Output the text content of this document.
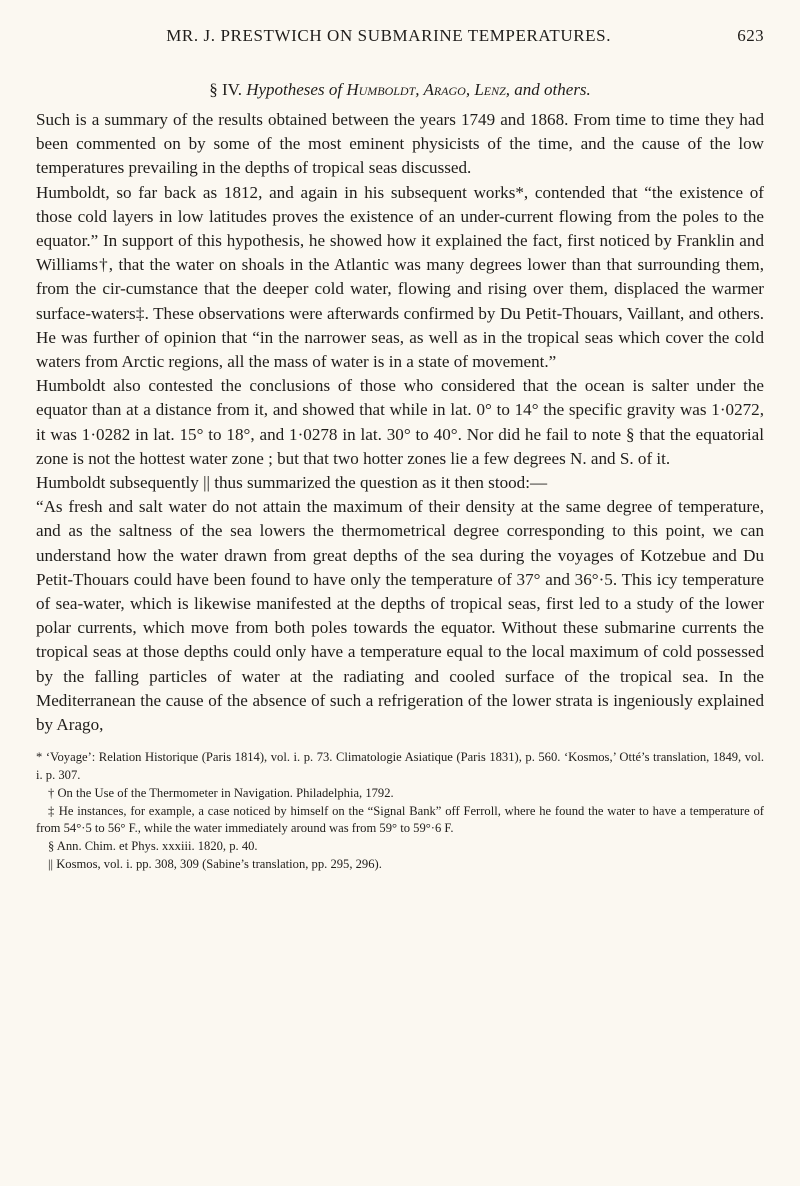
MR. J. PRESTWICH ON SUBMARINE TEMPERATURES.	623
§ IV. Hypotheses of Humboldt, Arago, Lenz, and others.

Such is a summary of the results obtained between the years 1749 and 1868. From time to time they had been commented on by some of the most eminent physicists of the time, and the cause of the low temperatures prevailing in the depths of tropical seas discussed.

Humboldt, so far back as 1812, and again in his subsequent works*, contended that “the existence of those cold layers in low latitudes proves the existence of an under-current flowing from the poles to the equator.” In support of this hypothesis, he showed how it explained the fact, first noticed by Franklin and Williams†, that the water on shoals in the Atlantic was many degrees lower than that surrounding them, from the cir-cumstance that the deeper cold water, flowing and rising over them, displaced the warmer surface-waters‡. These observations were afterwards confirmed by Du Petit-Thouars, Vaillant, and others. He was further of opinion that “in the narrower seas, as well as in the tropical seas which cover the cold waters from Arctic regions, all the mass of water is in a state of movement.”

Humboldt also contested the conclusions of those who considered that the ocean is salter under the equator than at a distance from it, and showed that while in lat. 0° to 14° the specific gravity was 1·0272, it was 1·0282 in lat. 15° to 18°, and 1·0278 in lat. 30° to 40°. Nor did he fail to note § that the equatorial zone is not the hottest water zone ; but that two hotter zones lie a few degrees N. and S. of it.

Humboldt subsequently || thus summarized the question as it then stood:—

“As fresh and salt water do not attain the maximum of their density at the same degree of temperature, and as the saltness of the sea lowers the thermometrical degree corresponding to this point, we can understand how the water drawn from great depths of the sea during the voyages of Kotzebue and Du Petit-Thouars could have been found to have only the temperature of 37° and 36°·5. This icy temperature of sea-water, which is likewise manifested at the depths of tropical seas, first led to a study of the lower polar currents, which move from both poles towards the equator. Without these submarine currents the tropical seas at those depths could only have a temperature equal to the local maximum of cold possessed by the falling particles of water at the radiating and cooled surface of the tropical sea. In the Mediterranean the cause of the absence of such a refrigeration of the lower strata is ingeniously explained by Arago,

* ‘Voyage’: Relation Historique (Paris 1814), vol. i. p. 73. Climatologie Asiatique (Paris 1831), p. 560. ‘Kosmos,’ Otté’s translation, 1849, vol. i. p. 307.

† On the Use of the Thermometer in Navigation. Philadelphia, 1792.

‡ He instances, for example, a case noticed by himself on the “Signal Bank” off Ferroll, where he found the water to have a temperature of from 54°·5 to 56° F., while the water immediately around was from 59° to 59°·6 F.

§ Ann. Chim. et Phys. xxxiii. 1820, p. 40.

|| Kosmos, vol. i. pp. 308, 309 (Sabine’s translation, pp. 295, 296).
